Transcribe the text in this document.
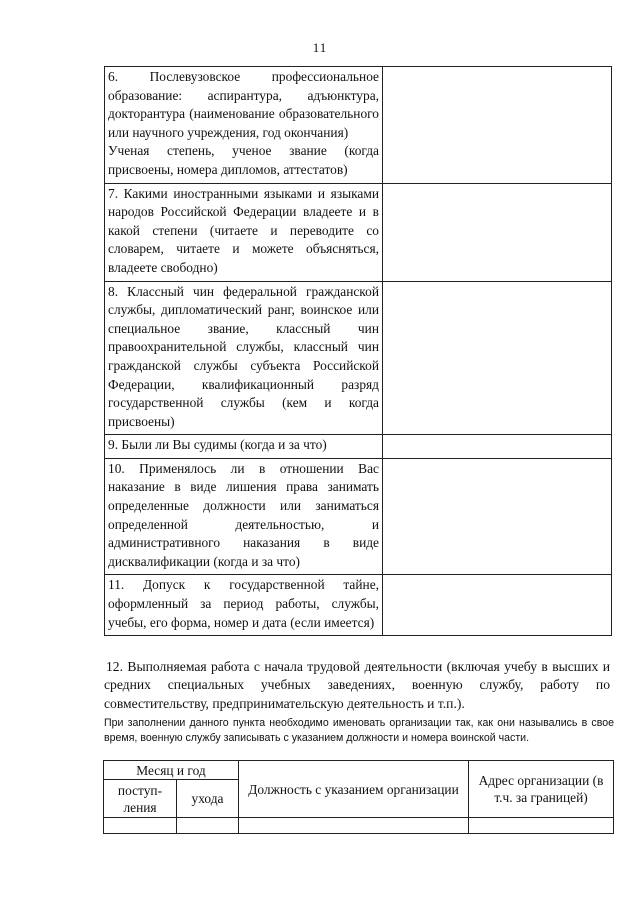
11
6. Послевузовское профессиональное образование: аспирантура, адъюнктура, докторантура (наименование образовательного или научного учреждения, год окончания)
Ученая степень, ученое звание (когда присвоены, номера дипломов, аттестатов)	

7. Какими иностранными языками и языками народов Российской Федерации владеете и в какой степени (читаете и переводите со словарем, читаете и можете объясняться, владеете свободно)	

8. Классный чин федеральной гражданской службы, дипломатический ранг, воинское или специальное звание, классный чин правоохранительной службы, классный чин гражданской службы субъекта Российской Федерации, квалификационный разряд государственной службы (кем и когда присвоены)	

9. Были ли Вы судимы (когда и за что)	

10. Применялось ли в отношении Вас наказание в виде лишения права занимать определенные должности или заниматься определенной деятельностью, и административного наказания в виде дисквалификации (когда и за что)	

11. Допуск к государственной тайне, оформленный за период работы, службы, учебы, его форма, номер и дата (если имеется)	

12. Выполняемая работа с начала трудовой деятельности (включая учебу в высших и средних специальных учебных заведениях, военную службу, работу по совместительству, предпринимательскую деятельность и т.п.).
При заполнении данного пункта необходимо именовать организации так, как они назывались в свое время, военную службу записывать с указанием должности и номера воинской части.
Месяц и год		Должность с указанием организации	Адрес организации (в т.ч. за границей)
поступ-ления	ухода		
